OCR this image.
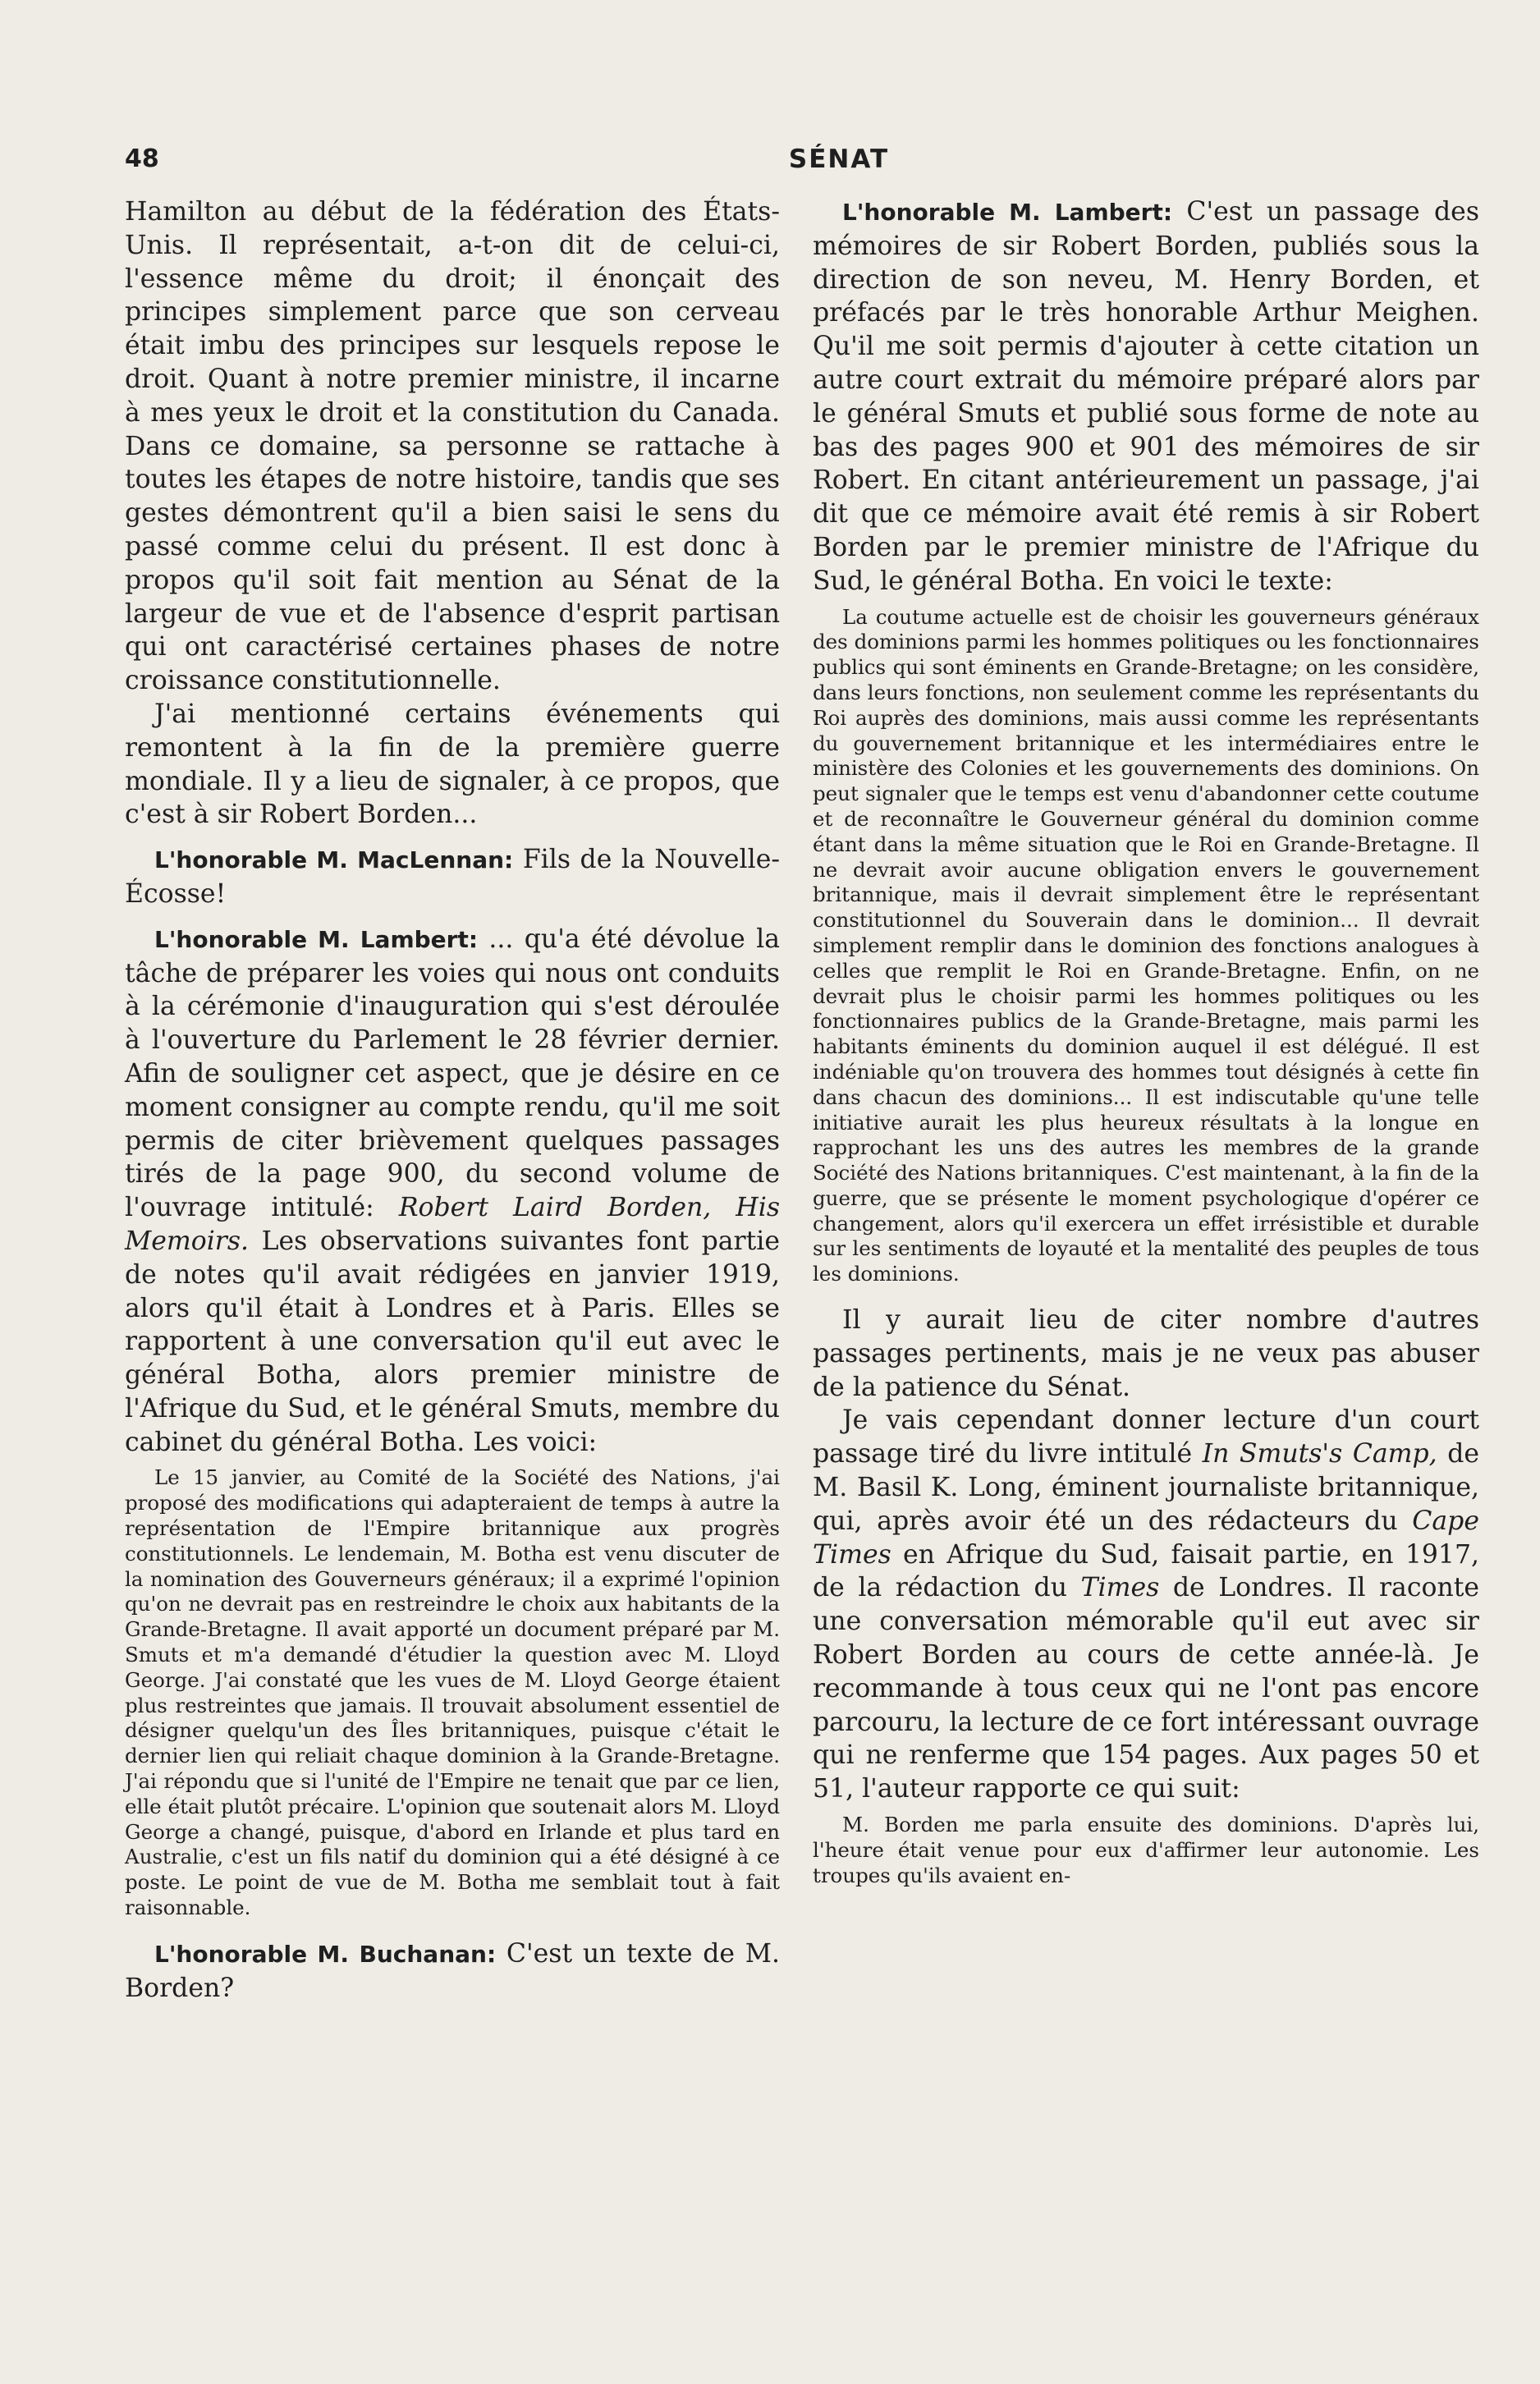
48	SÉNAT

Hamilton au début de la fédération des États-Unis. Il représentait, a-t-on dit de celui-ci, l'essence même du droit; il énonçait des principes simplement parce que son cerveau était imbu des principes sur lesquels repose le droit. Quant à notre premier ministre, il incarne à mes yeux le droit et la constitution du Canada. Dans ce domaine, sa personne se rattache à toutes les étapes de notre histoire, tandis que ses gestes démontrent qu'il a bien saisi le sens du passé comme celui du présent. Il est donc à propos qu'il soit fait mention au Sénat de la largeur de vue et de l'absence d'esprit partisan qui ont caractérisé certaines phases de notre croissance constitutionnelle.

J'ai mentionné certains événements qui remontent à la fin de la première guerre mondiale. Il y a lieu de signaler, à ce propos, que c'est à sir Robert Borden...

L'honorable M. MacLennan: Fils de la Nouvelle-Écosse!

L'honorable M. Lambert: ... qu'a été dévolue la tâche de préparer les voies qui nous ont conduits à la cérémonie d'inauguration qui s'est déroulée à l'ouverture du Parlement le 28 février dernier. Afin de souligner cet aspect, que je désire en ce moment consigner au compte rendu, qu'il me soit permis de citer brièvement quelques passages tirés de la page 900, du second volume de l'ouvrage intitulé: Robert Laird Borden, His Memoirs. Les observations suivantes font partie de notes qu'il avait rédigées en janvier 1919, alors qu'il était à Londres et à Paris. Elles se rapportent à une conversation qu'il eut avec le général Botha, alors premier ministre de l'Afrique du Sud, et le général Smuts, membre du cabinet du général Botha. Les voici:

Le 15 janvier, au Comité de la Société des Nations, j'ai proposé des modifications qui adapteraient de temps à autre la représentation de l'Empire britannique aux progrès constitutionnels. Le lendemain, M. Botha est venu discuter de la nomination des Gouverneurs généraux; il a exprimé l'opinion qu'on ne devrait pas en restreindre le choix aux habitants de la Grande-Bretagne. Il avait apporté un document préparé par M. Smuts et m'a demandé d'étudier la question avec M. Lloyd George. J'ai constaté que les vues de M. Lloyd George étaient plus restreintes que jamais. Il trouvait absolument essentiel de désigner quelqu'un des Îles britanniques, puisque c'était le dernier lien qui reliait chaque dominion à la Grande-Bretagne. J'ai répondu que si l'unité de l'Empire ne tenait que par ce lien, elle était plutôt précaire. L'opinion que soutenait alors M. Lloyd George a changé, puisque, d'abord en Irlande et plus tard en Australie, c'est un fils natif du dominion qui a été désigné à ce poste. Le point de vue de M. Botha me semblait tout à fait raisonnable.

L'honorable M. Buchanan: C'est un texte de M. Borden?

L'honorable M. Lambert: C'est un passage des mémoires de sir Robert Borden, publiés sous la direction de son neveu, M. Henry Borden, et préfacés par le très honorable Arthur Meighen. Qu'il me soit permis d'ajouter à cette citation un autre court extrait du mémoire préparé alors par le général Smuts et publié sous forme de note au bas des pages 900 et 901 des mémoires de sir Robert. En citant antérieurement un passage, j'ai dit que ce mémoire avait été remis à sir Robert Borden par le premier ministre de l'Afrique du Sud, le général Botha. En voici le texte:

La coutume actuelle est de choisir les gouverneurs généraux des dominions parmi les hommes politiques ou les fonctionnaires publics qui sont éminents en Grande-Bretagne; on les considère, dans leurs fonctions, non seulement comme les représentants du Roi auprès des dominions, mais aussi comme les représentants du gouvernement britannique et les intermédiaires entre le ministère des Colonies et les gouvernements des dominions. On peut signaler que le temps est venu d'abandonner cette coutume et de reconnaître le Gouverneur général du dominion comme étant dans la même situation que le Roi en Grande-Bretagne. Il ne devrait avoir aucune obligation envers le gouvernement britannique, mais il devrait simplement être le représentant constitutionnel du Souverain dans le dominion... Il devrait simplement remplir dans le dominion des fonctions analogues à celles que remplit le Roi en Grande-Bretagne. Enfin, on ne devrait plus le choisir parmi les hommes politiques ou les fonctionnaires publics de la Grande-Bretagne, mais parmi les habitants éminents du dominion auquel il est délégué. Il est indéniable qu'on trouvera des hommes tout désignés à cette fin dans chacun des dominions... Il est indiscutable qu'une telle initiative aurait les plus heureux résultats à la longue en rapprochant les uns des autres les membres de la grande Société des Nations britanniques. C'est maintenant, à la fin de la guerre, que se présente le moment psychologique d'opérer ce changement, alors qu'il exercera un effet irrésistible et durable sur les sentiments de loyauté et la mentalité des peuples de tous les dominions.

Il y aurait lieu de citer nombre d'autres passages pertinents, mais je ne veux pas abuser de la patience du Sénat.

Je vais cependant donner lecture d'un court passage tiré du livre intitulé In Smuts's Camp, de M. Basil K. Long, éminent journaliste britannique, qui, après avoir été un des rédacteurs du Cape Times en Afrique du Sud, faisait partie, en 1917, de la rédaction du Times de Londres. Il raconte une conversation mémorable qu'il eut avec sir Robert Borden au cours de cette année-là. Je recommande à tous ceux qui ne l'ont pas encore parcouru, la lecture de ce fort intéressant ouvrage qui ne renferme que 154 pages. Aux pages 50 et 51, l'auteur rapporte ce qui suit:

M. Borden me parla ensuite des dominions. D'après lui, l'heure était venue pour eux d'affirmer leur autonomie. Les troupes qu'ils avaient en-
